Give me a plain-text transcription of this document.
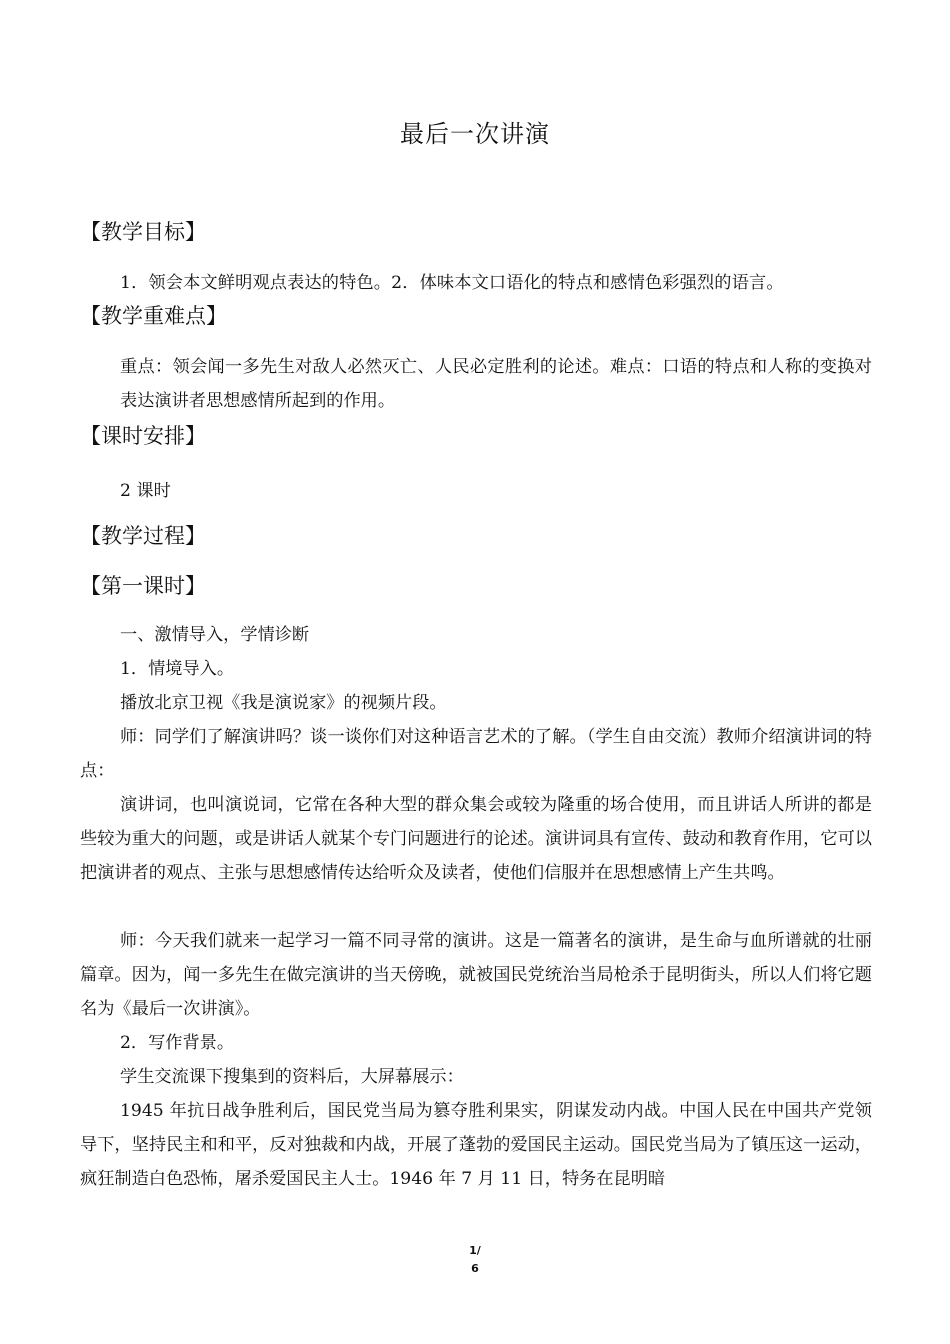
最后一次讲演
【教学目标】
1．领会本文鲜明观点表达的特色。2．体味本文口语化的特点和感情色彩强烈的语言。
【教学重难点】

重点：领会闻一多先生对敌人必然灭亡、人民必定胜利的论述。难点：口语的特点和人称的变换对表达演讲者思想感情所起到的作用。

【课时安排】
2 课时
【教学过程】
【第一课时】
一、激情导入，学情诊断
1．情境导入。
播放北京卫视《我是演说家》的视频片段。

师：同学们了解演讲吗？谈一谈你们对这种语言艺术的了解。（学生自由交流）教师介绍演讲词的特点：

演讲词，也叫演说词，它常在各种大型的群众集会或较为隆重的场合使用，而且讲话人所讲的都是些较为重大的问题，或是讲话人就某个专门问题进行的论述。演讲词具有宣传、鼓动和教育作用，它可以把演讲者的观点、主张与思想感情传达给听众及读者，使他们信服并在思想感情上产生共鸣。

师：今天我们就来一起学习一篇不同寻常的演讲。这是一篇著名的演讲，是生命与血所谱就的壮丽篇章。因为，闻一多先生在做完演讲的当天傍晚，就被国民党统治当局枪杀于昆明街头，所以人们将它题名为《最后一次讲演》。

2．写作背景。
学生交流课下搜集到的资料后，大屏幕展示：

1945 年抗日战争胜利后，国民党当局为篡夺胜利果实，阴谋发动内战。中国人民在中国共产党领导下，坚持民主和和平，反对独裁和内战，开展了蓬勃的爱国民主运动。国民党当局为了镇压这一运动，疯狂制造白色恐怖，屠杀爱国民主人士。1946 年 7 月 11 日，特务在昆明暗

1/
6
